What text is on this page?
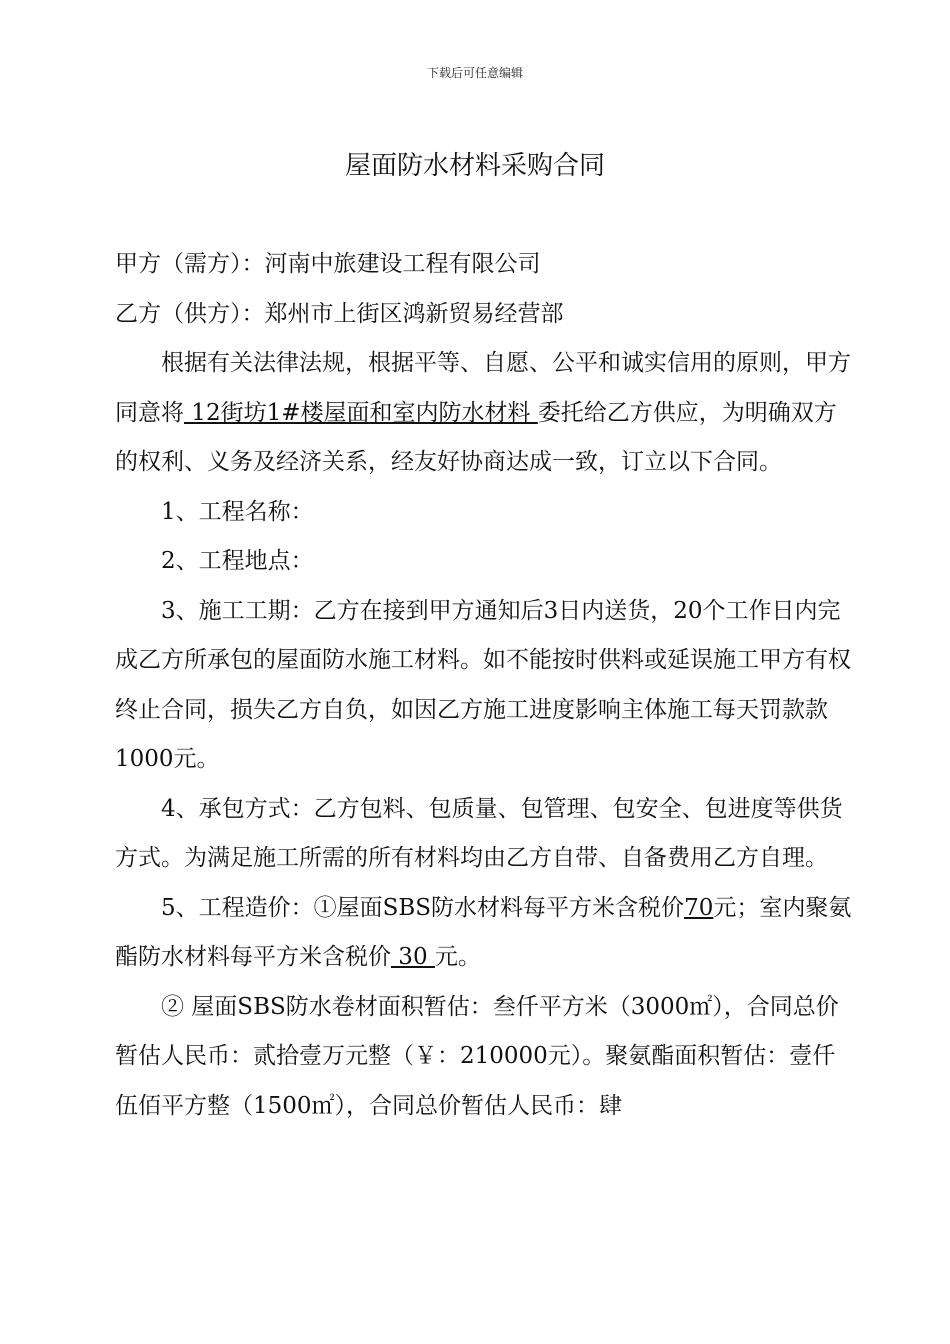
下载后可任意编辑
屋面防水材料采购合同

甲方（需方）：河南中旅建设工程有限公司

乙方（供方）：郑州市上街区鸿新贸易经营部

根据有关法律法规，根据平等、自愿、公平和诚实信用的原则，甲方同意将 12街坊1#楼屋面和室内防水材料 委托给乙方供应，为明确双方的权利、义务及经济关系，经友好协商达成一致，订立以下合同。

1、工程名称：

2、工程地点：

3、施工工期：乙方在接到甲方通知后3日内送货，20个工作日内完成乙方所承包的屋面防水施工材料。如不能按时供料或延误施工甲方有权终止合同，损失乙方自负，如因乙方施工进度影响主体施工每天罚款款1000元。

4、承包方式：乙方包料、包质量、包管理、包安全、包进度等供货方式。为满足施工所需的所有材料均由乙方自带、自备费用乙方自理。

5、工程造价：①屋面SBS防水材料每平方米含税价70元；室内聚氨酯防水材料每平方米含税价 30 元。

② 屋面SBS防水卷材面积暂估：叁仟平方米（3000㎡），合同总价暂估人民币：贰拾壹万元整（￥：210000元）。聚氨酯面积暂估：壹仟伍佰平方整（1500㎡），合同总价暂估人民币：肆
